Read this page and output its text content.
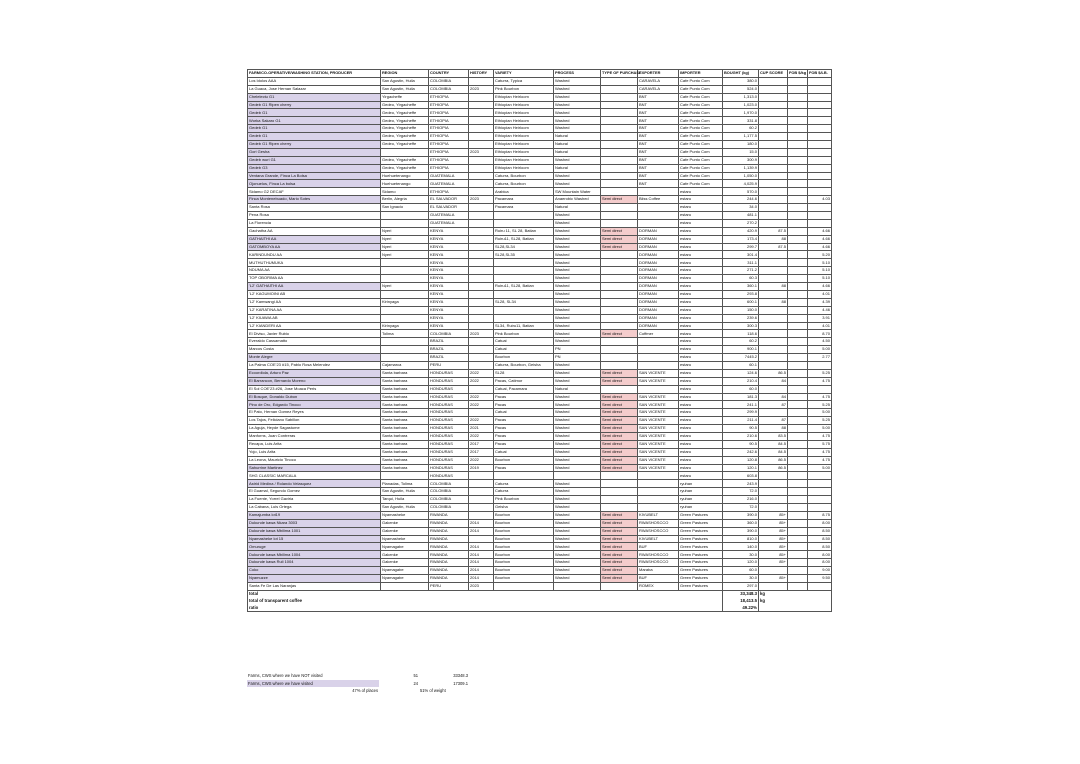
FARM/CO-OPERATIVE/WASHING STATION, PRODUCER	REGION	COUNTRY	HISTORY	VARIETY	PROCESS	TYPE OF PURCHASE	EXPORTER	IMPORTER	BOUGHT (kg)	CUP SCORE	FOB $/kg	FOB $/LB.
Los Idolos AAA	San Agustin, Huila	COLOMBIA		Caturra, Typica	Washed		CARAVELA	Cafe Punto Com	380.0			
La Guaca, Jose Hernan Salazar	San Agustin, Huila	COLOMBIA	2023	Pink Bourbon	Washed		CARAVELA	Cafe Punto Com	524.0			
Chelelectu G1	Yirgacheffe	ETHIOPIA		Ethiopian Heirloom	Washed		BNT	Cafe Punto Com	1,313.0			
Gedeb G1 Ripen cherry	Gedeo, Yirgacheffe	ETHIOPIA		Ethiopian Heirloom	Washed		BNT	Cafe Punto Com	1,023.0			
Gedeb G1	Gedeo, Yirgacheffe	ETHIOPIA		Ethiopian Heirloom	Washed		BNT	Cafe Punto Com	1,970.0			
Worka Sakaro G1	Gedeo, Yirgacheffe	ETHIOPIA		Ethiopian Heirloom	Washed		BNT	Cafe Punto Com	331.8			
Gedeb G1	Gedeo, Yirgacheffe	ETHIOPIA		Ethiopian Heirloom	Washed		BNT	Cafe Punto Com	60.2			
Gedeb G1	Gedeo, Yirgacheffe	ETHIOPIA		Ethiopian Heirloom	Natural		BNT	Cafe Punto Com	1,177.5			
Gedeb G1 Ripen cherry	Gedeo, Yirgacheffe	ETHIOPIA		Ethiopian Heirloom	Natural		BNT	Cafe Punto Com	180.0			
Gori Gesha		ETHIOPIA	2023	Ethiopian Heirloom	Natural		BNT	Cafe Punto Com	15.0			
Gedeb wuri G1	Gedeo, Yirgacheffe	ETHIOPIA		Ethiopian Heirloom	Washed		BNT	Cafe Punto Com	300.9			
Gedeb G3	Gedeo, Yirgacheffe	ETHIOPIA		Ethiopian Heirloom	Natural		BNT	Cafe Punto Com	1,139.9			
Ventana Grande, Finca La Bolsa	Huehuetenango	GUATEMALA		Caturra, Bourbon	Washed		BNT	Cafe Punto Com	1,050.0			
Ojonuelos, Finca La bolsa	Huehuetenango	GUATEMALA		Caturra, Bourbon	Washed		BNT	Cafe Punto Com	4,025.9			
Sidamo G2 DECAF	Sidamo	ETHIOPIA		Arabica	SW Mountain Water			estaru	570.0			
Finca Montenebuado, Mario Sotes	Berlin, Alegria	EL SALVADOR	2023	Pacamara	Anaerobic Washed	Semi direct	Bliss Coffee	estaru	244.6			4.03
Santa Rosa	San Ignacio	EL SALVADOR		Pacamara	Natural			estaru	34.0			
Pena Rosa		GUATEMALA			Washed			estaru	481.1			
La Florencia		GUATEMALA			Washed			estaru	270.2			
Gachatha AA	Nyeri	KENYA		Ruiru 11, SL 28, Batian	Washed	Semi direct	DORMAN	estaru	420.9	87.5		4.66
GATHAITHI AA	Nyeri	KENYA		Ruiru11, SL28, Batian	Washed	Semi direct	DORMAN	estaru	173.4	88		4.66
GATOMBOYA AA	Nyeri	KENYA		SL28,SL34	Washed	Semi direct	DORMAN	estaru	299.7	87.5		4.66
KARINDUNDU AA	Nyeri	KENYA		SL28,SL35	Washed		DORMAN	estaru	301.4			5.20
MUTHUTHUMUKA		KENYA			Washed		DORMAN	estaru	311.1			5.10
NDUMA AA		KENYA			Washed		DORMAN	estaru	271.2			5.10
TOP OBORIMA AA		KENYA			Washed		DORMAN	estaru	60.3			5.10
'L2' GATHAITHI AA	Nyeri	KENYA		Ruiru11, SL28, Batian	Washed		DORMAN	estaru	360.1	88		4.66
'L2' KAGUMOINI AB		KENYA			Washed		DORMAN	estaru	293.8			4.01
'L2' Kamwangi AA	Kirinyaga	KENYA		SL28, SL34	Washed		DORMAN	estaru	600.1	88		4.39
'L2' KARATINA AA		KENYA			Washed		DORMAN	estaru	150.0			4.46
'L2' KIUAWA AB		KENYA			Washed		DORMAN	estaru	239.6			3.91
'L2' KIANDERI AA	Kirinyaga	KENYA		SL34, Ruiru11, Batian	Washed		DORMAN	estaru	300.3			4.01
El Diviso, Javier Rubio	Tolima	COLOMBIA	2023	Pink Bourbon	Washed	Semi direct	Coffmer	estaru	118.6			8.70
Everaldo Cassamatto		BRAZIL		Catuai	Washed			estaru	60.2			4.50
Marcos Costa		BRAZIL		Catuai	PN			estaru	900.1			5.00
Monte Alegre		BRAZIL		Bourbon	PN			estaru	7445.2			2.77
La Palma COE'23 #15, Pablo Rosa Melendez	Cajamarca	PERU		Caturra, Bourbon, Geisha	Washed			estaru	60.1			
Ecoordiola, Arturo Paz	Santa barbara	HONDURAS	2022	SL28	Washed	Semi direct	SAN VICENTE	estaru	124.6	86.5		5.25
El Barrancon, Bernardo Moreno	Santa barbara	HONDURAS	2022	Pacas, Catimor	Washed	Semi direct	SAN VICENTE	estaru	210.4	84		4.75
El Sol COE'23 #26, Jose Moaca Peris	Santa barbara	HONDURAS		Catuai, Pacamara	Natural			estaru	60.0			
El Bosque, Donaldo Dubon	Santa barbara	HONDURAS	2022	Pacas	Washed	Semi direct	SAN VICENTE	estaru	181.3	84		4.75
Pino de Oro, Edgardo Tinoco	Santa barbara	HONDURAS	2022	Pacas	Washed	Semi direct	SAN VICENTE	estaru	241.1	87		5.25
El Pato, Hernan Gomez Reyes	Santa barbara	HONDURAS		Catuai	Washed	Semi direct	SAN VICENTE	estaru	299.9			5.00
Los Tajos, Feliciano Sabillon	Santa barbara	HONDURAS	2022	Pacas	Washed	Semi direct	SAN VICENTE	estaru	211.4	87		5.25
La Aguja, Heyde Sagastume	Santa barbara	HONDURAS	2021	Pacas	Washed	Semi direct	SAN VICENTE	estaru	90.5	88		5.00
Manforns, Juan Contreras	Santa barbara	HONDURAS	2022	Pacas	Washed	Semi direct	SAN VICENTE	estaru	210.6	83.5		4.75
Recapa, Luis Arita	Santa barbara	HONDURAS	2017	Pacas	Washed	Semi direct	SAN VICENTE	estaru	90.5	84.5		5.75
Yojo, Luis Arita	Santa barbara	HONDURAS	2017	Catuai	Washed	Semi direct	SAN VICENTE	estaru	242.6	84.5		4.75
La Leona, Mauricio Tinoco	Santa barbara	HONDURAS	2022	Bourbon	Washed	Semi direct	SAN VICENTE	estaru	120.8	86.5		4.75
Sahurrine Martinez	Santa barbara	HONDURAS	2019	Pacas	Washed	Semi direct	SAN VICENTE	estaru	120.1	86.5		5.00
SHG CLASSIC MARCALA		HONDURAS						estaru	603.8			
Astrid Medina / Rolando Velasquez	Planadas, Tolima	COLOMBIA		Caturra	Washed			ryuhan	243.9			
El Guamal, Segundo Gomez	San Agustin, Huila	COLOMBIA		Caturra	Washed			ryuhan	72.0			
La Fuente, Yorrel Gaviria	Tarqui, Huila	COLOMBIA		Pink Bourbon	Washed			ryuhan	216.0			
La Cabana, Luis Ortega	San Agustin, Huila	COLOMBIA		Geisha	Washed			ryuhan	72.0			
Kamajumba lot19	Nyamasheke	RWANDA		Bourbon	Washed	Semi direct	KIVUBELT	Green Pastures	390.0	85+		8.75
Dukunde kawa Nkara 3003	Gakenke	RWANDA	2014	Bourbon	Washed	Semi direct	RWASHOSCCO	Green Pastures	360.0	85+		8.00
Dukunde kawa Mbilima 1001	Gakenke	RWANDA	2014	Bourbon	Washed	Semi direct	RWASHOSCCO	Green Pastures	390.0	85+		8.50
Nyamasheke lot 15	Nyamasheke	RWANDA		Bourbon	Washed	Semi direct	KIVUBELT	Green Pastures	810.0	85+		8.50
Omuruge	Nyamagabe	RWANDA	2014	Bourbon	Washed	Semi direct	BUF	Green Pastures	140.0	85+		8.50
Dukunde kawa Mbilima 1004	Gakenke	RWANDA	2014	Bourbon	Washed	Semi direct	RWASHOSCCO	Green Pastures	30.0	85+		8.00
Dukunde kawa Ruli 1004	Gakenke	RWANDA	2014	Bourbon	Washed	Semi direct	RWASHOSCCO	Green Pastures	120.0	85+		8.00
Coko	Nyamagabe	RWANDA	2014	Bourbon	Washed	Semi direct	Maraba	Green Pastures	60.0			9.00
Nyamuzze	Nyamagabe	RWANDA	2014	Bourbon	Washed	Semi direct	BUF	Green Pastures	30.0	85+		9.50
Santa Fe De Las Naranjas		PERU	2023				ROMEX	Green Pastures	297.0			
total	33,348.3	kg
total of transparent coffee	18,413.5	kg
ratio	49.22%	
Farms, CWS where we have NOT visited	51	33348.3
Farms, CWS where we have visited	24	17309.1
47% of places		51% of weight
